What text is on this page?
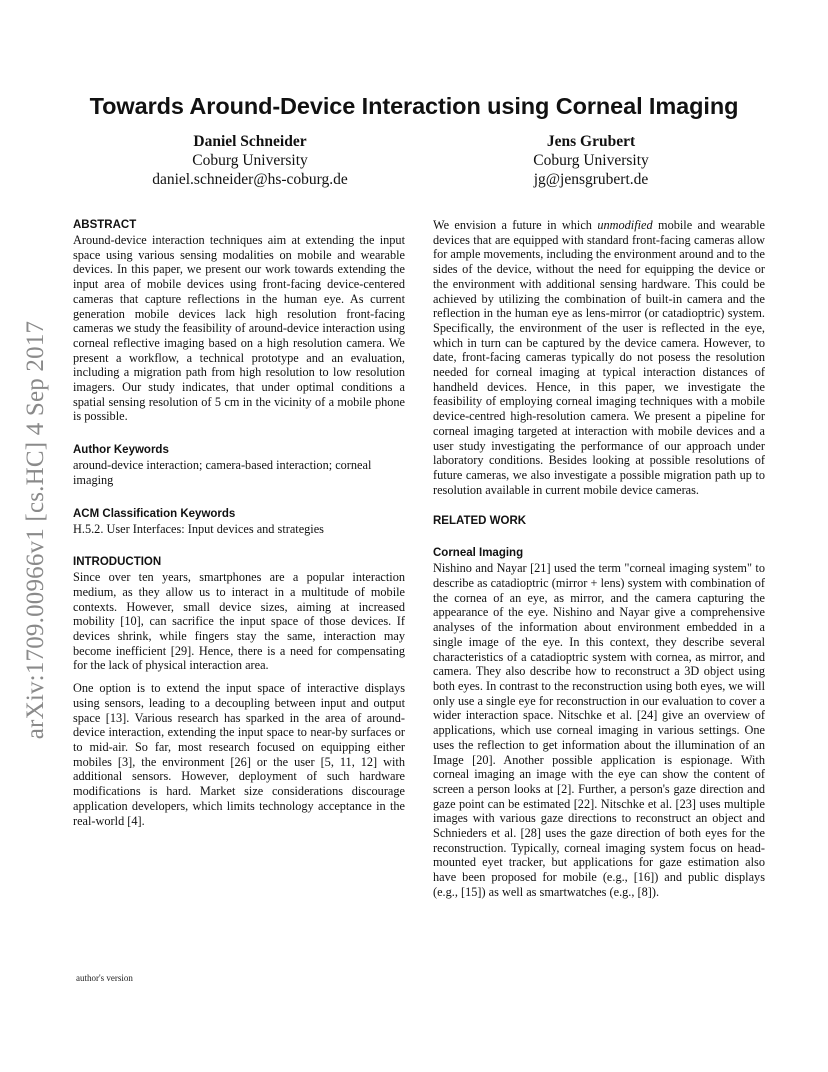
Towards Around-Device Interaction using Corneal Imaging
Daniel Schneider
Coburg University
daniel.schneider@hs-coburg.de
Jens Grubert
Coburg University
jg@jensgrubert.de
arXiv:1709.00966v1 [cs.HC] 4 Sep 2017
ABSTRACT

Around-device interaction techniques aim at extending the input space using various sensing modalities on mobile and wearable devices. In this paper, we present our work towards extending the input area of mobile devices using front-facing device-centered cameras that capture reflections in the human eye. As current generation mobile devices lack high resolution front-facing cameras we study the feasibility of around-device interaction using corneal reflective imaging based on a high resolution camera. We present a workflow, a technical prototype and an evaluation, including a migration path from high resolution to low resolution imagers. Our study indicates, that under optimal conditions a spatial sensing resolution of 5 cm in the vicinity of a mobile phone is possible.

Author Keywords

around-device interaction; camera-based interaction; corneal imaging

ACM Classification Keywords

H.5.2. User Interfaces: Input devices and strategies

INTRODUCTION

Since over ten years, smartphones are a popular interaction medium, as they allow us to interact in a multitude of mobile contexts. However, small device sizes, aiming at increased mobility [10], can sacrifice the input space of those devices. If devices shrink, while fingers stay the same, interaction may become inefficient [29]. Hence, there is a need for compensating for the lack of physical interaction area.

One option is to extend the input space of interactive displays using sensors, leading to a decoupling between input and output space [13]. Various research has sparked in the area of around-device interaction, extending the input space to near-by surfaces or to mid-air. So far, most research focused on equipping either mobiles [3], the environment [26] or the user [5, 11, 12] with additional sensors. However, deployment of such hardware modifications is hard. Market size considerations discourage application developers, which limits technology acceptance in the real-world [4].

We envision a future in which unmodified mobile and wearable devices that are equipped with standard front-facing cameras allow for ample movements, including the environment around and to the sides of the device, without the need for equipping the device or the environment with additional sensing hardware. This could be achieved by utilizing the combination of built-in camera and the reflection in the human eye as lens-mirror (or catadioptric) system. Specifically, the environment of the user is reflected in the eye, which in turn can be captured by the device camera. However, to date, front-facing cameras typically do not posess the resolution needed for corneal imaging at typical interaction distances of handheld devices. Hence, in this paper, we investigate the feasibility of employing corneal imaging techniques with a mobile device-centred high-resolution camera. We present a pipeline for corneal imaging targeted at interaction with mobile devices and a user study investigating the performance of our approach under laboratory conditions. Besides looking at possible resolutions of future cameras, we also investigate a possible migration path up to resolution available in current mobile device cameras.

RELATED WORK
Corneal Imaging

Nishino and Nayar [21] used the term "corneal imaging system" to describe as catadioptric (mirror + lens) system with combination of the cornea of an eye, as mirror, and the camera capturing the appearance of the eye. Nishino and Nayar give a comprehensive analyses of the information about environment embedded in a single image of the eye. In this context, they describe several characteristics of a catadioptric system with cornea, as mirror, and camera. They also describe how to reconstruct a 3D object using both eyes. In contrast to the reconstruction using both eyes, we will only use a single eye for reconstruction in our evaluation to cover a wider interaction space. Nitschke et al. [24] give an overview of applications, which use corneal imaging in various settings. One uses the reflection to get information about the illumination of an Image [20]. Another possible application is espionage. With corneal imaging an image with the eye can show the content of screen a person looks at [2]. Further, a person's gaze direction and gaze point can be estimated [22]. Nitschke et al. [23] uses multiple images with various gaze directions to reconstruct an object and Schnieders et al. [28] uses the gaze direction of both eyes for the reconstruction. Typically, corneal imaging system focus on head-mounted eyet tracker, but applications for gaze estimation also have been proposed for mobile (e.g., [16]) and public displays (e.g., [15]) as well as smartwatches (e.g., [8]).

author's version
